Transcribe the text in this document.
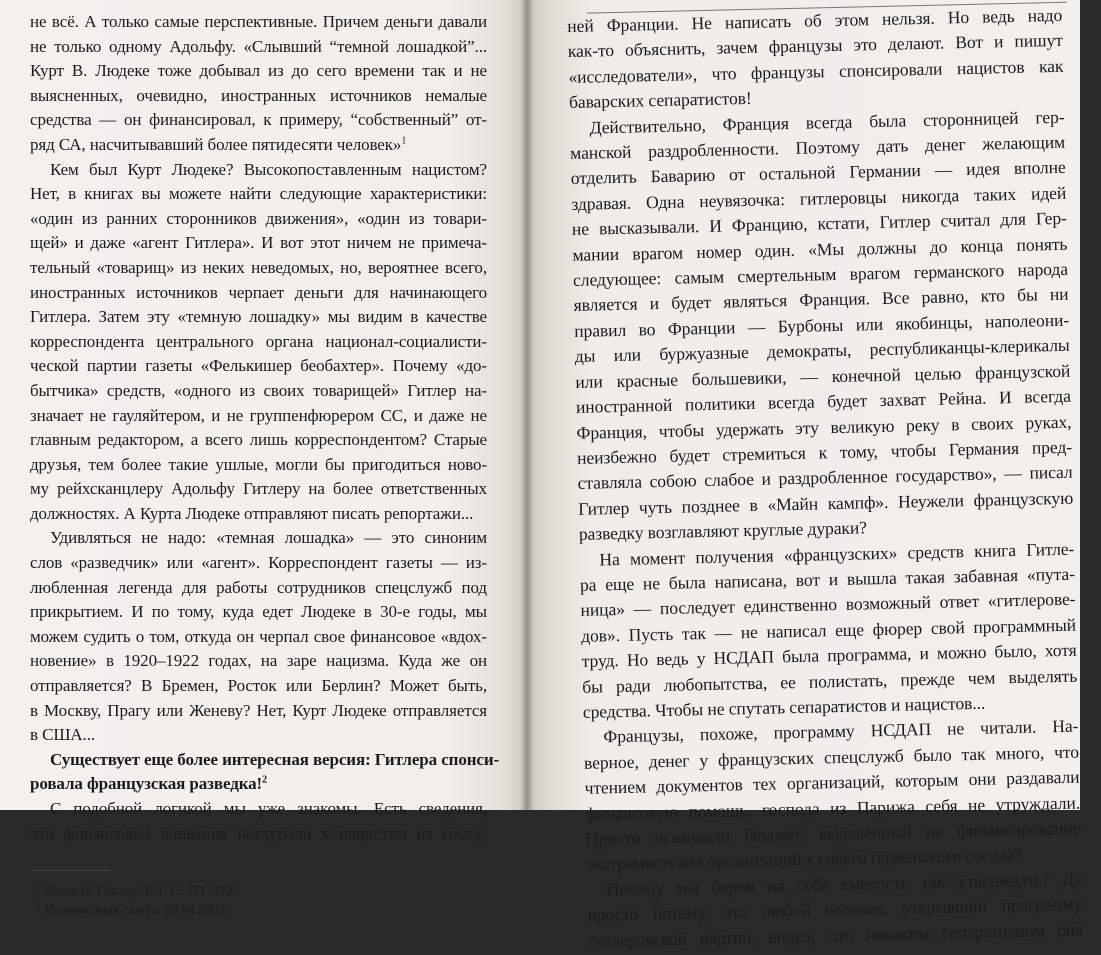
не всё. А только самые перспективные. Причем деньги давали
не только одному Адольфу. «Слывший “темной лошадкой”...
Курт В. Людеке тоже добывал из до сего времени так и не
выясненных, очевидно, иностранных источников немалые
средства — он финансировал, к примеру, “собственный” от-
ряд СА, насчитывавший более пятидесяти человек»$^1$
Кем был Курт Людеке? Высокопоставленным нацистом?
Нет, в книгах вы можете найти следующие характеристики:
«один из ранних сторонников движения», «один из товари-
щей» и даже «агент Гитлера». И вот этот ничем не примеча-
тельный «товарищ» из неких неведомых, но, вероятнее всего,
иностранных источников черпает деньги для начинающего
Гитлера. Затем эту «темную лошадку» мы видим в качестве
корреспондента центрального органа национал-социалисти-
ческой партии газеты «Фелькишер беобахтер». Почему «до-
бытчика» средств, «одного из своих товарищей» Гитлер на-
значает не гауляйтером, и не группенфюрером СС, и даже не
главным редактором, а всего лишь корреспондентом? Старые
друзья, тем более такие ушлые, могли бы пригодиться ново-
му рейхсканцлеру Адольфу Гитлеру на более ответственных
должностях. А Курта Людеке отправляют писать репортажи...
Удивляться не надо: «темная лошадка» — это синоним
слов «разведчик» или «агент». Корреспондент газеты — из-
любленная легенда для работы сотрудников спецслужб под
прикрытием. И по тому, куда едет Людеке в 30-е годы, мы
можем судить о том, откуда он черпал свое финансовое «вдох-
новение» в 1920–1922 годах, на заре нацизма. Куда же он
отправляется? В Бремен, Росток или Берлин? Может быть,
в Москву, Прагу или Женеву? Нет, Курт Людеке отправляется
в США...
Существует еще более интересная версия: Гитлера спонси-
ровала французская разведка!$^2$
С подобной логикой мы уже знакомы. Есть сведения,
что финансовые вливания поступали к нацистам из сосед-
$^1$ Фест И. Гитлер. Т. 1. С. 271–272.
$^2$ Независимая газета. 29.04.2005.
ней Франции. Не написать об этом нельзя. Но ведь надо
как-то объяснить, зачем французы это делают. Вот и пишут
«исследователи», что французы спонсировали нацистов как
баварских сепаратистов!
Действительно, Франция всегда была сторонницей гер-
манской раздробленности. Поэтому дать денег желающим
отделить Баварию от остальной Германии — идея вполне
здравая. Одна неувязочка: гитлеровцы никогда таких идей
не высказывали. И Францию, кстати, Гитлер считал для Гер-
мании врагом номер один. «Мы должны до конца понять
следующее: самым смертельным врагом германского народа
является и будет являться Франция. Все равно, кто бы ни
правил во Франции — Бурбоны или якобинцы, наполеони-
ды или буржуазные демократы, республиканцы-клерикалы
или красные большевики, — конечной целью французской
иностранной политики всегда будет захват Рейна. И всегда
Франция, чтобы удержать эту великую реку в своих руках,
неизбежно будет стремиться к тому, чтобы Германия пред-
ставляла собою слабое и раздробленное государство», — писал
Гитлер чуть позднее в «Майн кампф». Неужели французскую
разведку возглавляют круглые дураки?
На момент получения «французских» средств книга Гитле-
ра еще не была написана, вот и вышла такая забавная «пута-
ница» — последует единственно возможный ответ «гитлерове-
дов». Пусть так — не написал еще фюрер свой программный
труд. Но ведь у НСДАП была программа, и можно было, хотя
бы ради любопытства, ее полистать, прежде чем выделять
средства. Чтобы не спутать сепаратистов и нацистов...
Французы, похоже, программу НСДАП не читали. На-
верное, денег у французских спецслужб было так много, что
чтением документов тех организаций, которым они раздавали
финансовую помощь, господа из Парижа себя не утруждали.
Просто осваивали бюджет, выделенный на финансирование
экстремистских организаций у своего германского соседа?
Почему мы берем на себя смелость так утверждать? Да
просто потому, что любой человек, открывший программу
гитлеровской партии, видел, что никаким сепаратизмом она
